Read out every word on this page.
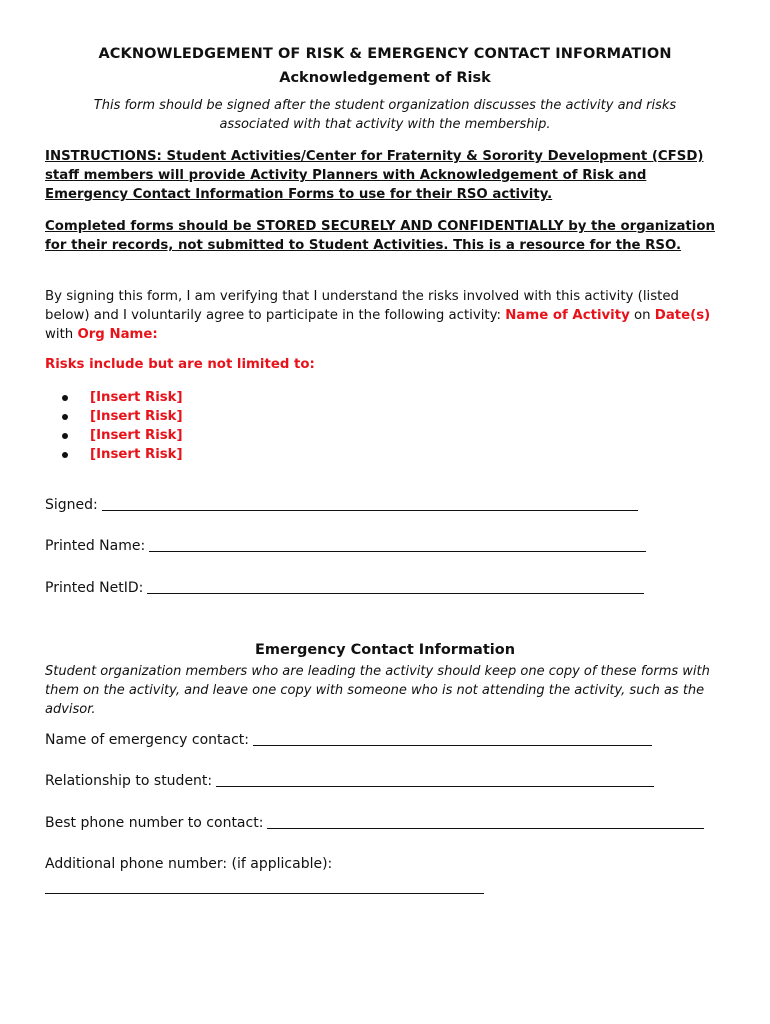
ACKNOWLEDGEMENT OF RISK & EMERGENCY CONTACT INFORMATION
Acknowledgement of Risk
This form should be signed after the student organization discusses the activity and risks associated with that activity with the membership.
INSTRUCTIONS: Student Activities/Center for Fraternity & Sorority Development (CFSD) staff members will provide Activity Planners with Acknowledgement of Risk and Emergency Contact Information Forms to use for their RSO activity.
Completed forms should be STORED SECURELY AND CONFIDENTIALLY by the organization for their records, not submitted to Student Activities. This is a resource for the RSO.
By signing this form, I am verifying that I understand the risks involved with this activity (listed below) and I voluntarily agree to participate in the following activity: Name of Activity on Date(s) with Org Name:
Risks include but are not limited to:
[Insert Risk]
[Insert Risk]
[Insert Risk]
[Insert Risk]
Signed:
Printed Name:
Printed NetID:
Emergency Contact Information
Student organization members who are leading the activity should keep one copy of these forms with them on the activity, and leave one copy with someone who is not attending the activity, such as the advisor.
Name of emergency contact:
Relationship to student:
Best phone number to contact:
Additional phone number: (if applicable):
